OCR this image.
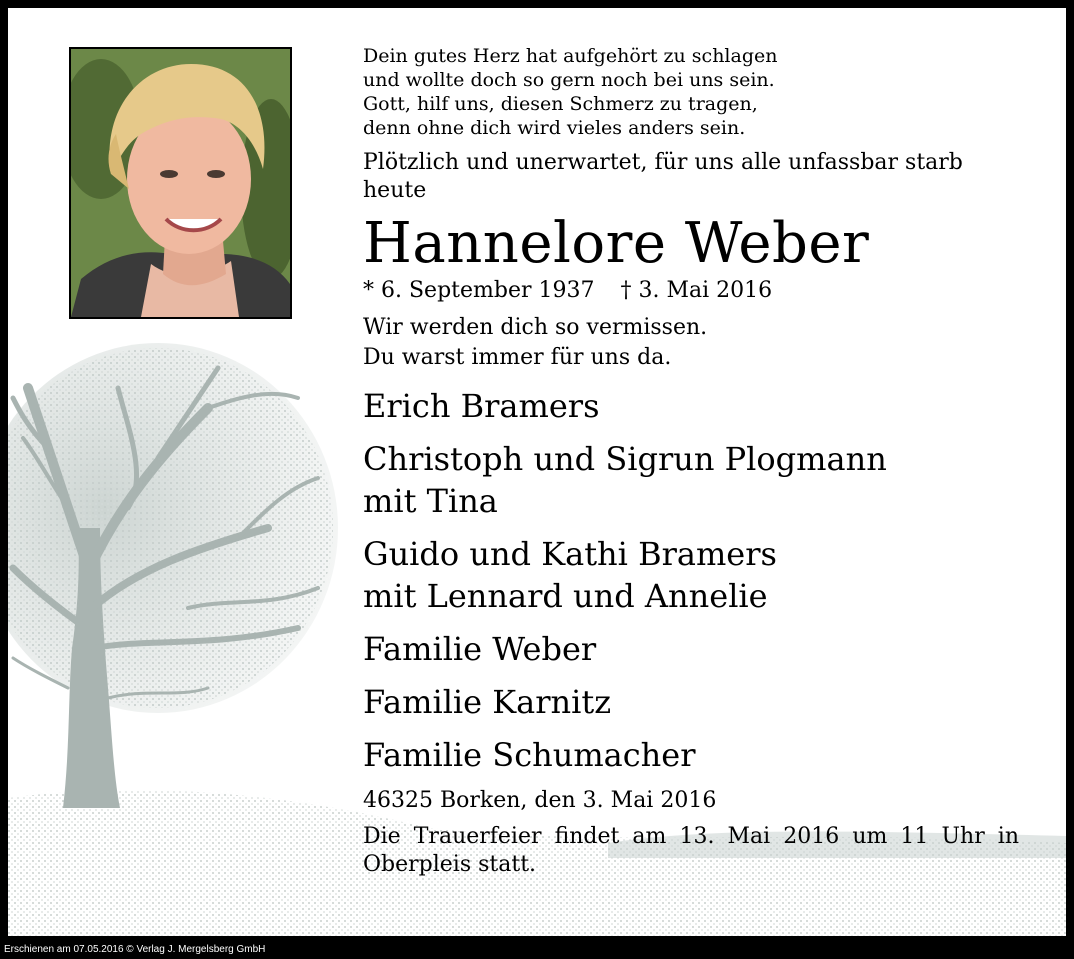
Dein gutes Herz hat aufgehört zu schlagen
und wollte doch so gern noch bei uns sein.
Gott, hilf uns, diesen Schmerz zu tragen,
denn ohne dich wird vieles anders sein.
Plötzlich und unerwartet, für uns alle unfassbar starb heute
Hannelore Weber
* 6. September 1937 † 3. Mai 2016
Wir werden dich so vermissen.
Du warst immer für uns da.
Erich Bramers
Christoph und Sigrun Plogmann
mit Tina
Guido und Kathi Bramers
mit Lennard und Annelie
Familie Weber
Familie Karnitz
Familie Schumacher
46325 Borken, den 3. Mai 2016
Die Trauerfeier findet am 13. Mai 2016 um 11 Uhr in Oberpleis statt.
Erschienen am 07.05.2016 © Verlag J. Mergelsberg GmbH
